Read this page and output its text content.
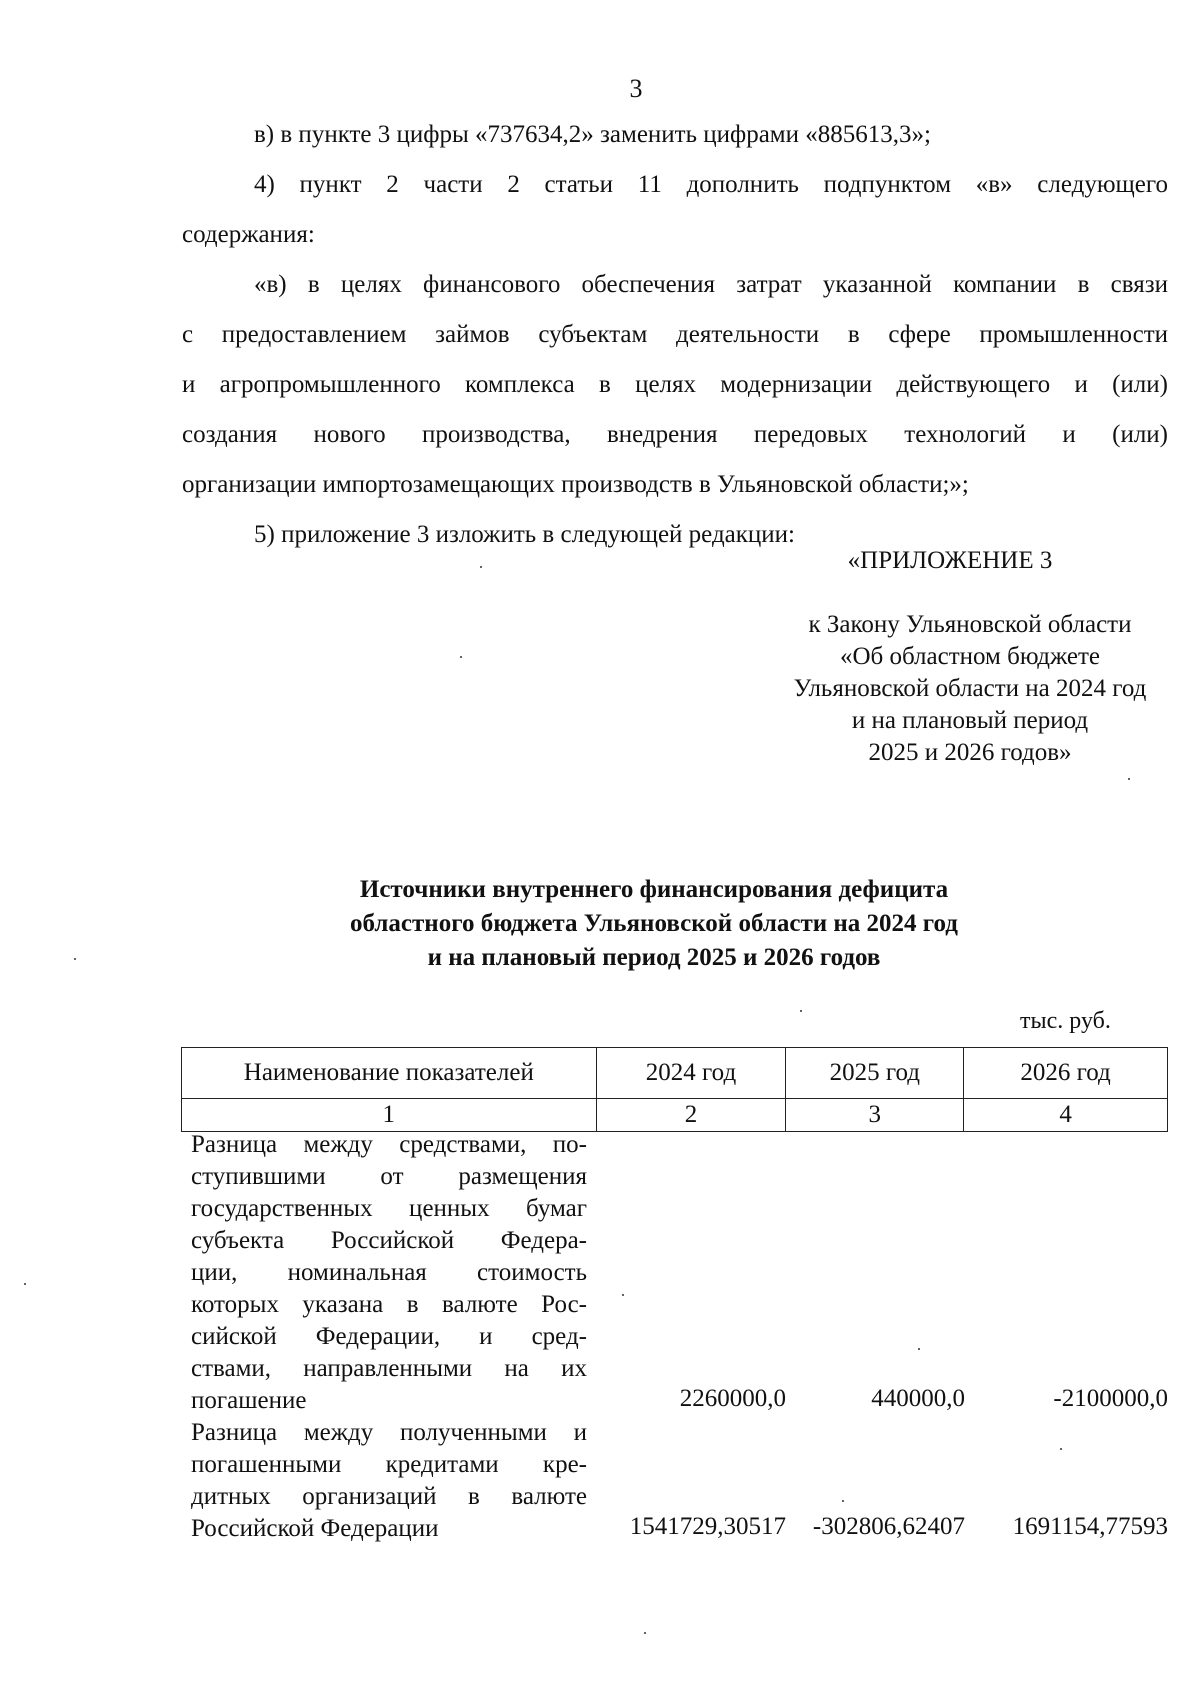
3
в) в пункте 3 цифры «737634,2» заменить цифрами «885613,3»;
4) пункт 2 части 2 статьи 11 дополнить подпунктом «в» следующего
содержания:
«в) в целях финансового обеспечения затрат указанной компании в связи
с предоставлением займов субъектам деятельности в сфере промышленности
и агропромышленного комплекса в целях модернизации действующего и (или)
создания нового производства, внедрения передовых технологий и (или)
организации импортозамещающих производств в Ульяновской области;»;
5) приложение 3 изложить в следующей редакции:
«ПРИЛОЖЕНИЕ 3
к Закону Ульяновской области
«Об областном бюджете
Ульяновской области на 2024 год
и на плановый период
2025 и 2026 годов»
Источники внутреннего финансирования дефицита
областного бюджета Ульяновской области на 2024 год
и на плановый период 2025 и 2026 годов
тыс. руб.
Наименование показателей	2024 год	2025 год	2026 год
1	2	3	4
Разница между средствами, по-
ступившими от размещения
государственных ценных бумаг
субъекта Российской Федера-
ции, номинальная стоимость
которых указана в валюте Рос-
сийской Федерации, и сред-
ствами, направленными на их
погашение	2260000,0	440000,0	-2100000,0
Разница между полученными и
погашенными кредитами кре-
дитных организаций в валюте
Российской Федерации	1541729,30517 -302806,62407 1691154,77593
